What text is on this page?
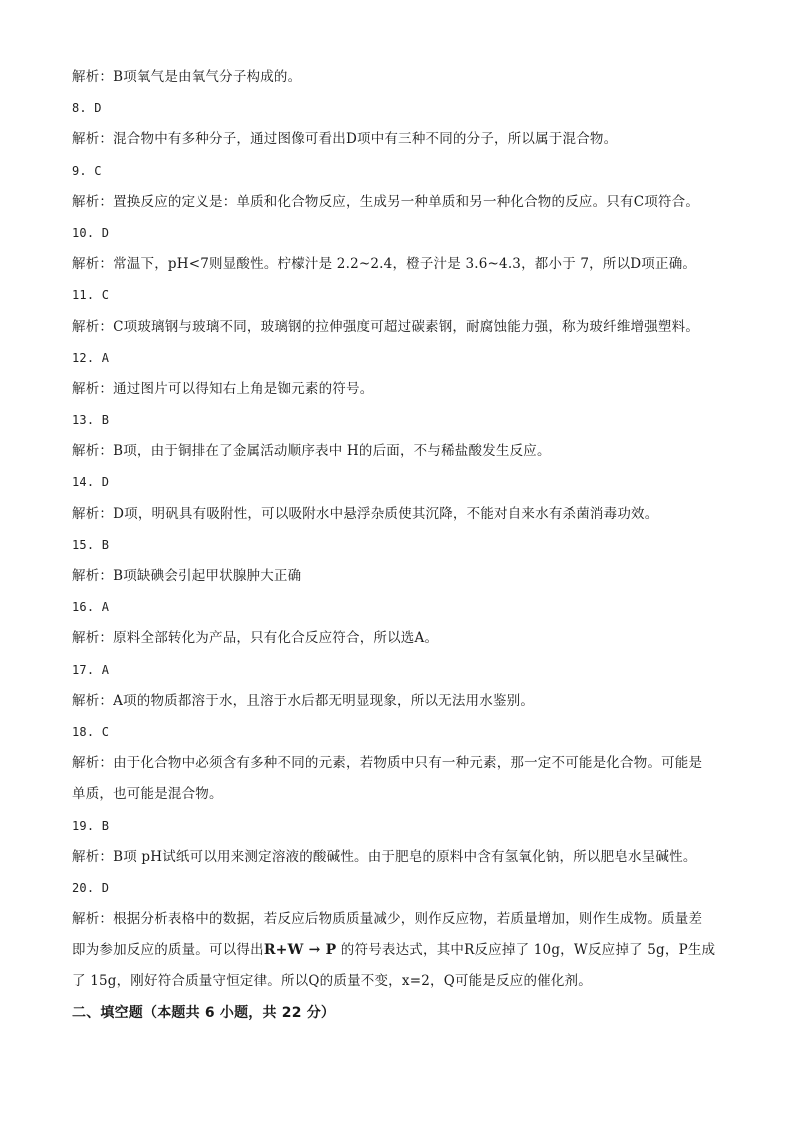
解析：B项氧气是由氧气分子构成的。
8. D
解析：混合物中有多种分子，通过图像可看出D项中有三种不同的分子，所以属于混合物。
9. C
解析：置换反应的定义是：单质和化合物反应，生成另一种单质和另一种化合物的反应。只有C项符合。
10. D
解析：常温下，pH<7则显酸性。柠檬汁是 2.2~2.4，橙子汁是 3.6~4.3，都小于 7，所以D项正确。
11. C
解析：C项玻璃钢与玻璃不同，玻璃钢的拉伸强度可超过碳素钢，耐腐蚀能力强，称为玻纤维增强塑料。
12. A
解析：通过图片可以得知右上角是铷元素的符号。
13. B
解析：B项，由于铜排在了金属活动顺序表中 H的后面，不与稀盐酸发生反应。
14. D
解析：D项，明矾具有吸附性，可以吸附水中悬浮杂质使其沉降，不能对自来水有杀菌消毒功效。
15. B
解析：B项缺碘会引起甲状腺肿大正确
16. A
解析：原料全部转化为产品，只有化合反应符合，所以选A。
17. A
解析：A项的物质都溶于水，且溶于水后都无明显现象，所以无法用水鉴别。
18. C
解析：由于化合物中必须含有多种不同的元素，若物质中只有一种元素，那一定不可能是化合物。可能是
单质，也可能是混合物。
19. B
解析：B项 pH试纸可以用来测定溶液的酸碱性。由于肥皂的原料中含有氢氧化钠，所以肥皂水呈碱性。
20. D
解析：根据分析表格中的数据，若反应后物质质量减少，则作反应物，若质量增加，则作生成物。质量差
即为参加反应的质量。可以得出R+W → P 的符号表达式，其中R反应掉了 10g，W反应掉了 5g，P生成
了 15g，刚好符合质量守恒定律。所以Q的质量不变，x=2，Q可能是反应的催化剂。
二、填空题（本题共 6 小题，共 22 分）
